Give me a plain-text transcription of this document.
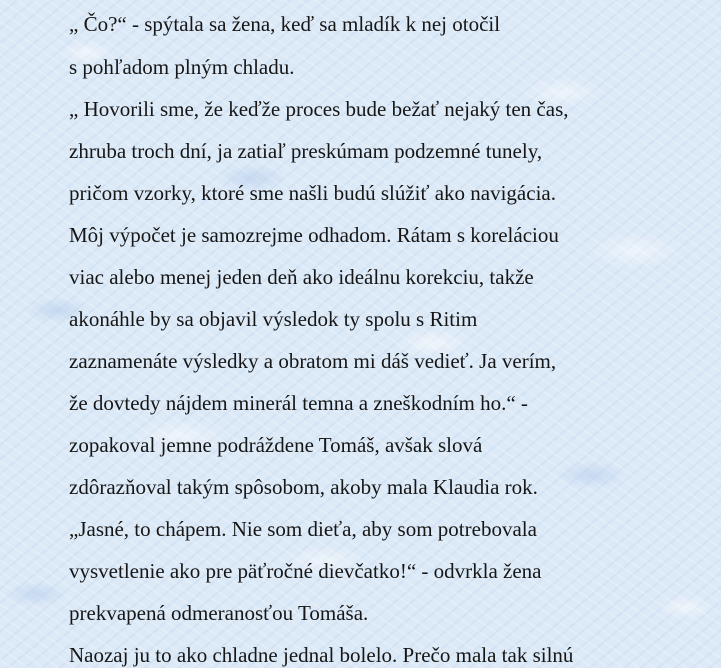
„ Čo?“ - spýtala sa žena, keď sa mladík k nej otočil

s pohľadom plným chladu.

„ Hovorili sme, že keďže proces bude bežať nejaký ten čas,

zhruba troch dní, ja zatiaľ preskúmam podzemné tunely,

pričom vzorky, ktoré sme našli budú slúžiť ako navigácia.

Môj výpočet je samozrejme odhadom. Rátam s koreláciou

viac alebo menej jeden deň ako ideálnu korekciu, takže

akonáhle by sa objavil výsledok ty spolu s Ritim

zaznamenáte výsledky a obratom mi dáš vedieť. Ja verím,

že dovtedy nájdem minerál temna a zneškodním ho.“ -

zopakoval jemne podráždene Tomáš, avšak slová

zdôrazňoval takým spôsobom, akoby mala Klaudia rok.

„Jasné, to chápem. Nie som dieťa, aby som potrebovala

vysvetlenie ako pre päťročné dievčatko!“ - odvrkla žena

prekvapená odmeranosťou Tomáša.

Naozaj ju to ako chladne jednal bolelo. Prečo mala tak silnú
